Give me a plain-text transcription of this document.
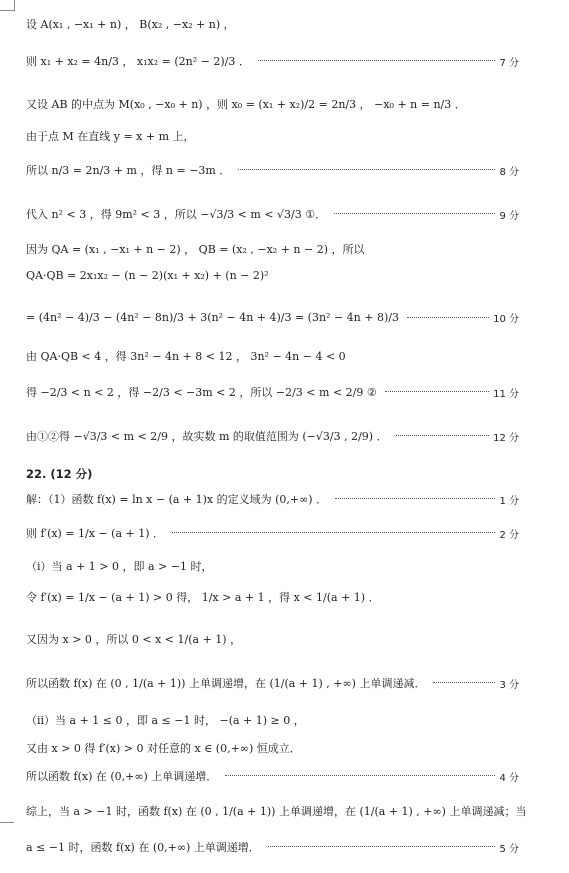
设 A(x₁ , −x₁ + n) ， B(x₂ , −x₂ + n) ，
则 x₁ + x₂ = 4n/3 ， x₁x₂ = (2n² − 2)/3 ．	7 分
又设 AB 的中点为 M(x₀ , −x₀ + n) ，则 x₀ = (x₁ + x₂)/2 = 2n/3 ， −x₀ + n = n/3 ．
由于点 M 在直线 y = x + m 上，
所以 n/3 = 2n/3 + m ，得 n = −3m ．	8 分
代入 n² < 3 ，得 9m² < 3 ，所以 −√3/3 < m < √3/3 ①．	9 分
因为 QA = (x₁ , −x₁ + n − 2) ， QB = (x₂ , −x₂ + n − 2) ，所以
QA·QB = 2x₁x₂ − (n − 2)(x₁ + x₂) + (n − 2)²
= (4n² − 4)/3 − (4n² − 8n)/3 + 3(n² − 4n + 4)/3 = (3n² − 4n + 8)/3	10 分
由 QA·QB < 4 ，得 3n² − 4n + 8 < 12 ， 3n² − 4n − 4 < 0
得 −2/3 < n < 2 ，得 −2/3 < −3m < 2 ，所以 −2/3 < m < 2/9 ②	11 分
由①②得 −√3/3 < m < 2/9 ，故实数 m 的取值范围为 (−√3/3 , 2/9) ．	12 分
22. (12 分)
解：（1）函数 f(x) = ln x − (a + 1)x 的定义域为 (0,+∞) ．	1 分
则 f′(x) = 1/x − (a + 1) ．	2 分
（i）当 a + 1 > 0 ，即 a > −1 时，
令 f′(x) = 1/x − (a + 1) > 0 得， 1/x > a + 1 ，得 x < 1/(a + 1) ．
又因为 x > 0 ，所以 0 < x < 1/(a + 1) ，
所以函数 f(x) 在 (0 , 1/(a + 1)) 上单调递增，在 (1/(a + 1) , +∞) 上单调递减．	3 分
（ii）当 a + 1 ≤ 0 ，即 a ≤ −1 时， −(a + 1) ≥ 0 ，
又由 x > 0 得 f′(x) > 0 对任意的 x ∈ (0,+∞) 恒成立．
所以函数 f(x) 在 (0,+∞) 上单调递增．	4 分
综上，当 a > −1 时，函数 f(x) 在 (0 , 1/(a + 1)) 上单调递增，在 (1/(a + 1) , +∞) 上单调递减；当
a ≤ −1 时，函数 f(x) 在 (0,+∞) 上单调递增．	5 分
